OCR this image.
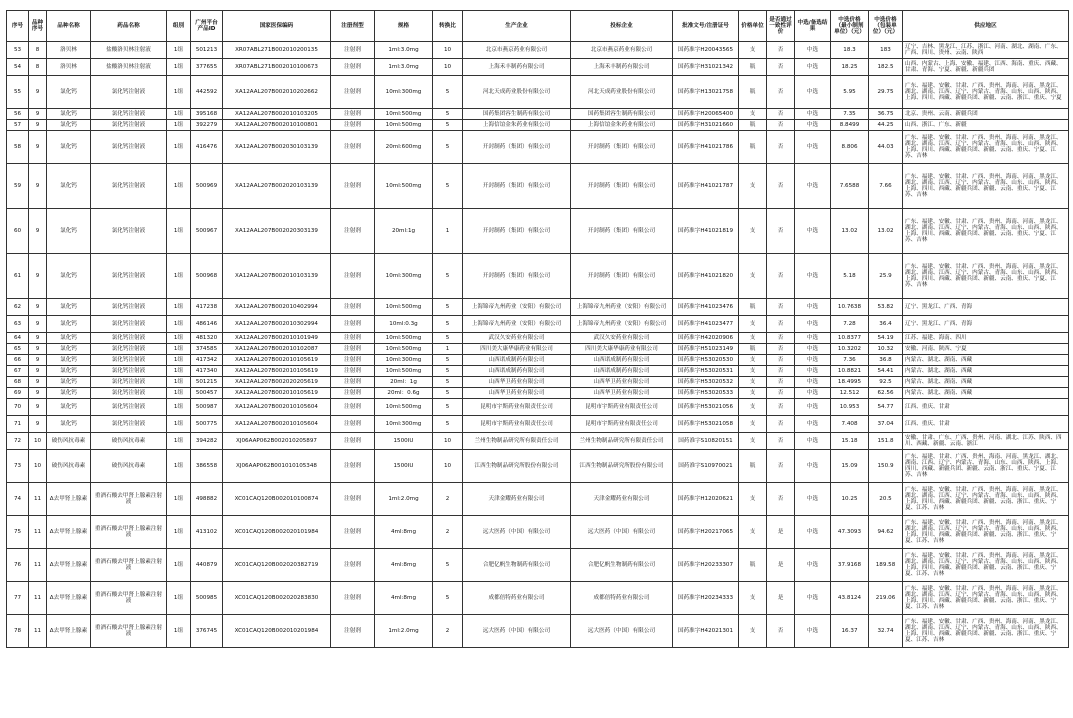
序号	品种序号	品种名称	药品名称	组别	广州平台产品ID	国家医保编码	注册剂型	规格	转换比	生产企业	投标企业	批准文号/注册证号	价格单位	是否通过一致性评价	中选/备选结果	中选价格（最小制剂单位）（元）	中选价格（包装单位）（元）	供应地区
53	8	洛贝林	盐酸洛贝林注射液	1组	501213	XR07ABL271B002010200135	注射剂	1ml:3.0mg	10	北京市燕京药业有限公司	北京市燕京药业有限公司	国药准字H20043565	支	否	中选	18.3	183	辽宁、吉林、黑龙江、江苏、浙江、河南、湖北、湖南、广东、广西、四川、贵州、云南、陕西
54	8	洛贝林	盐酸洛贝林注射液	1组	377655	XR07ABL271B002010100673	注射剂	1ml:3.0mg	10	上海禾丰制药有限公司	上海禾丰制药有限公司	国药准字H31021342	瓶	否	中选	18.25	182.5	山西、内蒙古、上海、安徽、福建、江西、海南、重庆、西藏、甘肃、青海、宁夏、新疆、新疆兵团
55	9	氯化钙	氯化钙注射液	1组	442592	XA12AAL207B002010202662	注射剂	10ml:300mg	5	河北天成药业股份有限公司	河北天成药业股份有限公司	国药准字H13021758	瓶	否	中选	5.95	29.75	广东、福建、安徽、甘肃、广西、贵州、海南、河南、黑龙江、湖北、湖南、江西、辽宁、内蒙古、青海、山东、山西、陕西、上海、四川、西藏、新疆兵团、新疆、云南、浙江、重庆、宁夏
56	9	氯化钙	氯化钙注射液	1组	395168	XA12AAL207B002010103205	注射剂	10ml:500mg	5	国药集团容生制药有限公司	国药集团容生制药有限公司	国药准字H20065400	支	否	中选	7.35	36.75	北京、贵州、云南、新疆兵团
57	9	氯化钙	氯化钙注射液	1组	392279	XA12AAL207B002010100801	注射剂	10ml:500mg	5	上海信谊金朱药业有限公司	上海信谊金朱药业有限公司	国药准字H31021660	瓶	否	中选	8.8499	44.25	山西、浙江、广东、新疆
58	9	氯化钙	氯化钙注射液	1组	416476	XA12AAL207B002030103139	注射剂	20ml:600mg	5	开封制药（集团）有限公司	开封制药（集团）有限公司	国药准字H41021786	瓶	否	中选	8.806	44.03	广东、福建、安徽、甘肃、广西、贵州、海南、河南、黑龙江、湖北、湖南、江西、辽宁、内蒙古、青海、山东、山西、陕西、上海、四川、西藏、新疆兵团、新疆、云南、重庆、宁夏、江苏、吉林
59	9	氯化钙	氯化钙注射液	1组	500969	XA12AAL207B002020103139	注射剂	10ml:500mg	5	开封制药（集团）有限公司	开封制药（集团）有限公司	国药准字H41021787	支	否	中选	7.6588	7.66	广东、福建、安徽、甘肃、广西、贵州、海南、河南、黑龙江、湖北、湖南、江西、辽宁、内蒙古、青海、山东、山西、陕西、上海、四川、西藏、新疆兵团、新疆、云南、重庆、宁夏、江苏、吉林
60	9	氯化钙	氯化钙注射液	1组	500967	XA12AAL207B002020303139	注射剂	20ml:1g	1	开封制药（集团）有限公司	开封制药（集团）有限公司	国药准字H41021819	支	否	中选	13.02	13.02	广东、福建、安徽、甘肃、广西、贵州、海南、河南、黑龙江、湖北、湖南、江西、辽宁、内蒙古、青海、山东、山西、陕西、上海、四川、西藏、新疆兵团、新疆、云南、重庆、宁夏、江苏、吉林
61	9	氯化钙	氯化钙注射液	1组	500968	XA12AAL207B002010103139	注射剂	10ml:300mg	5	开封制药（集团）有限公司	开封制药（集团）有限公司	国药准字H41021820	支	否	中选	5.18	25.9	广东、福建、安徽、甘肃、广西、贵州、海南、河南、黑龙江、湖北、湖南、江西、辽宁、内蒙古、青海、山东、山西、陕西、上海、四川、西藏、新疆兵团、新疆、云南、重庆、宁夏、江苏、吉林
62	9	氯化钙	氯化钙注射液	1组	417238	XA12AAL207B002010402994	注射剂	10ml:500mg	5	上海锦帝九州药业（安阳）有限公司	上海锦帝九州药业（安阳）有限公司	国药准字H41023476	瓶	否	中选	10.7638	53.82	辽宁、黑龙江、广西、青海
63	9	氯化钙	氯化钙注射液	1组	486146	XA12AAL207B002010302994	注射剂	10ml:0.3g	5	上海锦帝九州药业（安阳）有限公司	上海锦帝九州药业（安阳）有限公司	国药准字H41023477	支	否	中选	7.28	36.4	辽宁、黑龙江、广西、青海
64	9	氯化钙	氯化钙注射液	1组	481320	XA12AAL207B002010101949	注射剂	10ml:500mg	5	武汉久安药业有限公司	武汉久安药业有限公司	国药准字H42020906	支	否	中选	10.8377	54.19	江苏、福建、海南、四川
65	9	氯化钙	氯化钙注射液	1组	374585	XA12AAL207B002010102087	注射剂	10ml:500mg	1	四川美大康华康药业有限公司	四川美大康华康药业有限公司	国药准字H51023149	瓶	否	中选	10.3202	10.32	安徽、河南、陕西、宁夏
66	9	氯化钙	氯化钙注射液	1组	417342	XA12AAL207B002010105619	注射剂	10ml:300mg	5	山西诺成制药有限公司	山西诺成制药有限公司	国药准字H53020530	支	否	中选	7.36	36.8	内蒙古、湖北、湖南、西藏
67	9	氯化钙	氯化钙注射液	1组	417340	XA12AAL207B002010105619	注射剂	10ml:500mg	5	山西诺成制药有限公司	山西诺成制药有限公司	国药准字H53020531	支	否	中选	10.8821	54.41	内蒙古、湖北、湖南、西藏
68	9	氯化钙	氯化钙注射液	1组	501215	XA12AAL207B002020205619	注射剂	20ml：1g	5	山西华卫药业有限公司	山西华卫药业有限公司	国药准字H53020532	支	否	中选	18.4995	92.5	内蒙古、湖北、湖南、西藏
69	9	氯化钙	氯化钙注射液	1组	500457	XA12AAL207B002010105619	注射剂	20ml：0.6g	5	山西华卫药业有限公司	山西华卫药业有限公司	国药准字H53020533	支	否	中选	12.512	62.56	内蒙古、湖北、湖南、西藏
70	9	氯化钙	氯化钙注射液	1组	500987	XA12AAL207B002010105604	注射剂	10ml:500mg	5	昆明市宇斯药业有限责任公司	昆明市宇斯药业有限责任公司	国药准字H53021056	支	否	中选	10.953	54.77	江西、重庆、甘肃
71	9	氯化钙	氯化钙注射液	1组	500775	XA12AAL207B002010105604	注射剂	10ml:300mg	5	昆明市宇斯药业有限责任公司	昆明市宇斯药业有限责任公司	国药准字H53021058	支	否	中选	7.408	37.04	江西、重庆、甘肃
72	10	破伤风抗毒素	破伤风抗毒素	1组	394282	XJ06AAP062B002010205897	注射剂	1500IU	10	兰州生物制品研究所有限责任公司	兰州生物制品研究所有限责任公司	国药准字S10820151	支	否	中选	15.18	151.8	安徽、甘肃、广东、广西、贵州、河南、湖北、江苏、陕西、四川、西藏、新疆、云南、浙江
73	10	破伤风抗毒素	破伤风抗毒素	1组	386558	XJ06AAP062B001010105348	注射剂	1500IU	10	江西生物制品研究所股份有限公司	江西生物制品研究所股份有限公司	国药准字S10970021	瓶	否	中选	15.09	150.9	广东、福建、甘肃、广西、贵州、海南、河南、黑龙江、湖北、湖南、江西、辽宁、内蒙古、青海、山东、山西、陕西、上海、四川、西藏、新疆兵团、新疆、云南、浙江、重庆、宁夏、江苏、吉林
74	11	Δ去甲肾上腺素	重酒石酸去甲肾上腺素注射液	1组	498882	XC01CAQ120B002010100874	注射剂	1ml:2.0mg	2	天津金耀药业有限公司	天津金耀药业有限公司	国药准字H12020621	支	否	中选	10.25	20.5	广东、福建、安徽、甘肃、广西、贵州、海南、河南、黑龙江、湖北、湖南、江西、辽宁、内蒙古、青海、山东、山西、陕西、上海、四川、西藏、新疆兵团、新疆、云南、浙江、重庆、宁夏、江苏、吉林
75	11	Δ去甲肾上腺素	重酒石酸去甲肾上腺素注射液	1组	413102	XC01CAQ120B002020101984	注射剂	4ml:8mg	2	远大医药（中国）有限公司	远大医药（中国）有限公司	国药准字H20217065	支	是	中选	47.3093	94.62	广东、福建、安徽、甘肃、广西、贵州、海南、河南、黑龙江、湖北、湖南、江西、辽宁、内蒙古、青海、山东、山西、陕西、上海、四川、西藏、新疆兵团、新疆、云南、浙江、重庆、宁夏、江苏、吉林
76	11	Δ去甲肾上腺素	重酒石酸去甲肾上腺素注射液	1组	440879	XC01CAQ120B002020382719	注射剂	4ml:8mg	5	合肥亿帆生物制药有限公司	合肥亿帆生物制药有限公司	国药准字H20233307	瓶	是	中选	37.9168	189.58	广东、福建、安徽、甘肃、广西、贵州、海南、河南、黑龙江、湖北、湖南、江西、辽宁、内蒙古、青海、山东、山西、陕西、上海、四川、西藏、新疆兵团、新疆、云南、浙江、重庆、宁夏、江苏、吉林
77	11	Δ去甲肾上腺素	重酒石酸去甲肾上腺素注射液	1组	500985	XC01CAQ120B002020283830	注射剂	4ml:8mg	5	成都倍特药业有限公司	成都倍特药业有限公司	国药准字H20234333	支	是	中选	43.8124	219.06	广东、福建、安徽、甘肃、广西、贵州、海南、河南、黑龙江、湖北、湖南、江西、辽宁、内蒙古、青海、山东、山西、陕西、上海、四川、西藏、新疆兵团、新疆、云南、浙江、重庆、宁夏、江苏、吉林
78	11	Δ去甲肾上腺素	重酒石酸去甲肾上腺素注射液	1组	376745	XC01CAQ120B002010201984	注射剂	1ml:2.0mg	2	远大医药（中国）有限公司	远大医药（中国）有限公司	国药准字H42021301	支	否	中选	16.37	32.74	广东、福建、安徽、甘肃、广西、贵州、海南、河南、黑龙江、湖北、湖南、江西、辽宁、内蒙古、青海、山东、山西、陕西、上海、四川、西藏、新疆兵团、新疆、云南、浙江、重庆、宁夏、江苏、吉林
